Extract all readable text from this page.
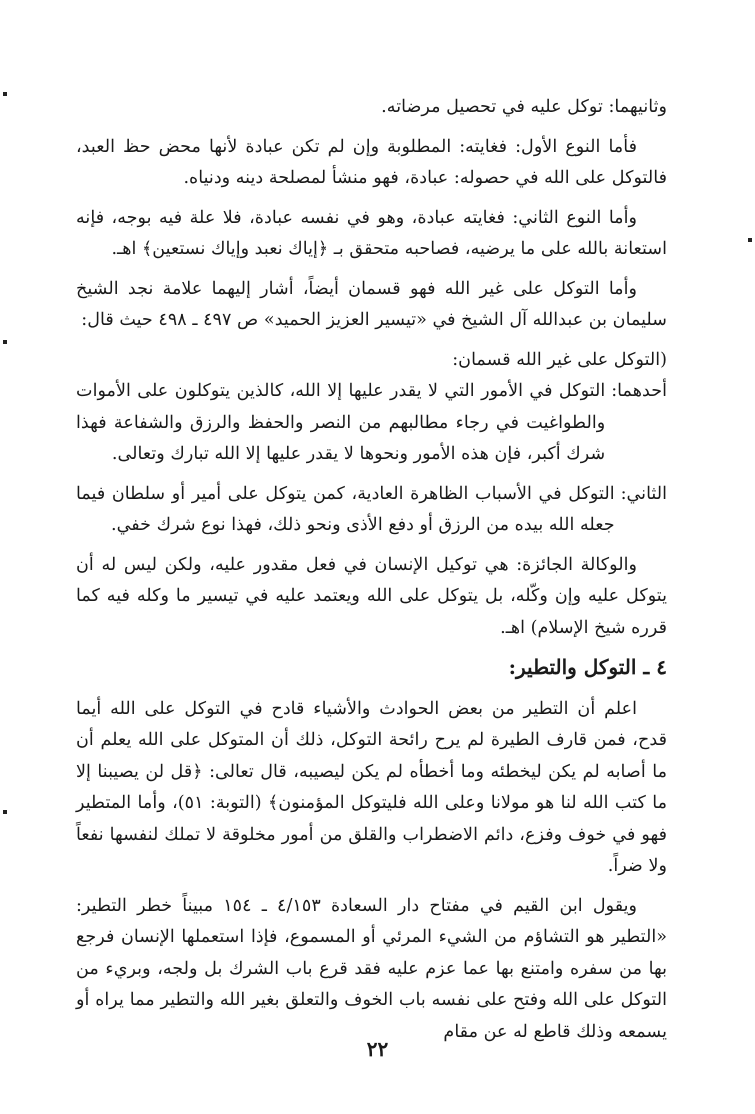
وثانيهما: توكل عليه في تحصيل مرضاته.

فأما النوع الأول: فغايته: المطلوبة وإن لم تكن عبادة لأنها محض حظ العبد، فالتوكل على الله في حصوله: عبادة، فهو منشأ لمصلحة دينه ودنياه.

وأما النوع الثاني: فغايته عبادة، وهو في نفسه عبادة، فلا علة فيه بوجه، فإنه استعانة بالله على ما يرضيه، فصاحبه متحقق بـ ﴿إياك نعبد وإياك نستعين﴾ اهـ.

وأما التوكل على غير الله فهو قسمان أيضاً، أشار إليهما علامة نجد الشيخ سليمان بن عبدالله آل الشيخ في «تيسير العزيز الحميد» ص ٤٩٧ ـ ٤٩٨ حيث قال:

(التوكل على غير الله قسمان:

أحدهما:
التوكل في الأمور التي لا يقدر عليها إلا الله، كالذين يتوكلون على الأموات والطواغيت في رجاء مطالبهم من النصر والحفظ والرزق والشفاعة فهذا شرك أكبر، فإن هذه الأمور ونحوها لا يقدر عليها إلا الله تبارك وتعالى.
الثاني:
التوكل في الأسباب الظاهرة العادية، كمن يتوكل على أمير أو سلطان فيما جعله الله بيده من الرزق أو دفع الأذى ونحو ذلك، فهذا نوع شرك خفي.

والوكالة الجائزة: هي توكيل الإنسان في فعل مقدور عليه، ولكن ليس له أن يتوكل عليه وإن وكّله، بل يتوكل على الله ويعتمد عليه في تيسير ما وكله فيه كما قرره شيخ الإسلام) اهـ.

٤ ـ التوكل والتطير:

اعلم أن التطير من بعض الحوادث والأشياء قادح في التوكل على الله أيما قدح، فمن قارف الطيرة لم يرح رائحة التوكل، ذلك أن المتوكل على الله يعلم أن ما أصابه لم يكن ليخطئه وما أخطأه لم يكن ليصيبه، قال تعالى: ﴿قل لن يصيبنا إلا ما كتب الله لنا هو مولانا وعلى الله فليتوكل المؤمنون﴾ (التوبة: ٥١)، وأما المتطير فهو في خوف وفزع، دائم الاضطراب والقلق من أمور مخلوقة لا تملك لنفسها نفعاً ولا ضراً.

ويقول ابن القيم في مفتاح دار السعادة ٤/١٥٣ ـ ١٥٤ مبيناً خطر التطير: «التطير هو التشاؤم من الشيء المرئي أو المسموع، فإذا استعملها الإنسان فرجع بها من سفره وامتنع بها عما عزم عليه فقد قرع باب الشرك بل ولجه، وبريء من التوكل على الله وفتح على نفسه باب الخوف والتعلق بغير الله والتطير مما يراه أو يسمعه وذلك قاطع له عن مقام

٢٢
